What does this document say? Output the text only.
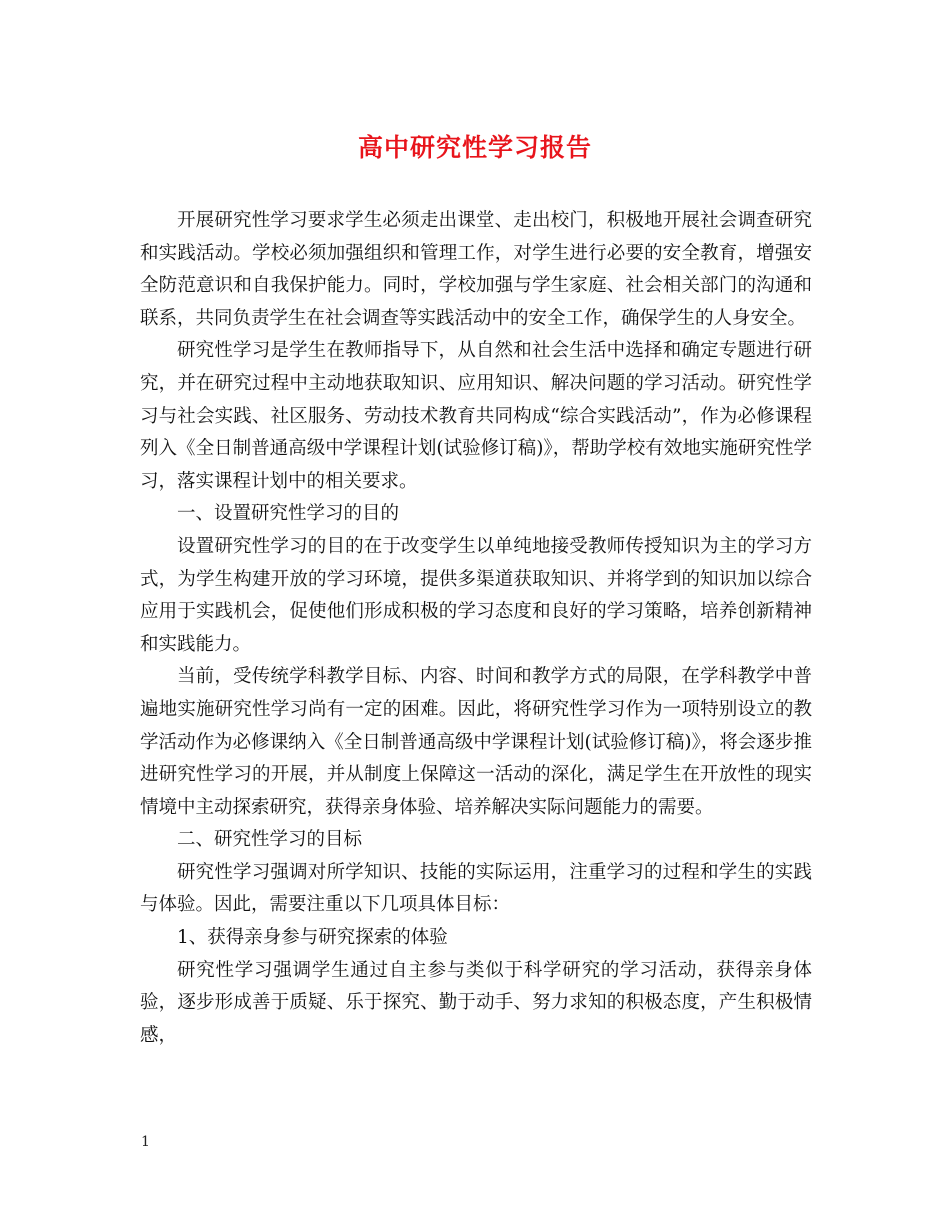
高中研究性学习报告

开展研究性学习要求学生必须走出课堂、走出校门，积极地开展社会调查研究和实践活动。学校必须加强组织和管理工作，对学生进行必要的安全教育，增强安全防范意识和自我保护能力。同时，学校加强与学生家庭、社会相关部门的沟通和联系，共同负责学生在社会调查等实践活动中的安全工作，确保学生的人身安全。

研究性学习是学生在教师指导下，从自然和社会生活中选择和确定专题进行研究，并在研究过程中主动地获取知识、应用知识、解决问题的学习活动。研究性学习与社会实践、社区服务、劳动技术教育共同构成“综合实践活动”，作为必修课程列入《全日制普通高级中学课程计划(试验修订稿)》，帮助学校有效地实施研究性学习，落实课程计划中的相关要求。

一、设置研究性学习的目的

设置研究性学习的目的在于改变学生以单纯地接受教师传授知识为主的学习方式，为学生构建开放的学习环境，提供多渠道获取知识、并将学到的知识加以综合应用于实践机会，促使他们形成积极的学习态度和良好的学习策略，培养创新精神和实践能力。

当前，受传统学科教学目标、内容、时间和教学方式的局限，在学科教学中普遍地实施研究性学习尚有一定的困难。因此，将研究性学习作为一项特别设立的教学活动作为必修课纳入《全日制普通高级中学课程计划(试验修订稿)》，将会逐步推进研究性学习的开展，并从制度上保障这一活动的深化，满足学生在开放性的现实情境中主动探索研究，获得亲身体验、培养解决实际问题能力的需要。

二、研究性学习的目标

研究性学习强调对所学知识、技能的实际运用，注重学习的过程和学生的实践与体验。因此，需要注重以下几项具体目标：

1、获得亲身参与研究探索的体验

研究性学习强调学生通过自主参与类似于科学研究的学习活动，获得亲身体验，逐步形成善于质疑、乐于探究、勤于动手、努力求知的积极态度，产生积极情感，

1
